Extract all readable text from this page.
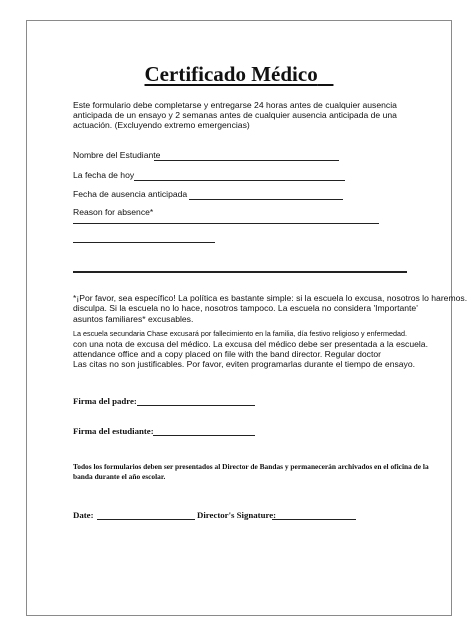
Certificado Médico
Este formulario debe completarse y entregarse 24 horas antes de cualquier ausencia anticipada de un ensayo y 2 semanas antes de cualquier ausencia anticipada de una actuación. (Excluyendo extremo emergencias)
Nombre del Estudiante
La fecha de hoy
Fecha de ausencia anticipada
Reason for absence*
*¡Por favor, sea específico! La política es bastante simple: si la escuela lo excusa, nosotros lo haremos.
disculpa. Si la escuela no lo hace, nosotros tampoco. La escuela no considera 'Importante'
asuntos familiares* excusables.
La escuela secundaria Chase excusará por fallecimiento en la familia, día festivo religioso y enfermedad.
con una nota de excusa del médico. La excusa del médico debe ser presentada a la escuela.
attendance office and a copy placed on file with the band director. Regular doctor
Las citas no son justificables. Por favor, eviten programarlas durante el tiempo de ensayo.
Firma del padre:
Firma del estudiante:
Todos los formularios deben ser presentados al Director de Bandas y permanecerán archivados en el oficina de la banda durante el año escolar.
Date:	Director's Signature:
